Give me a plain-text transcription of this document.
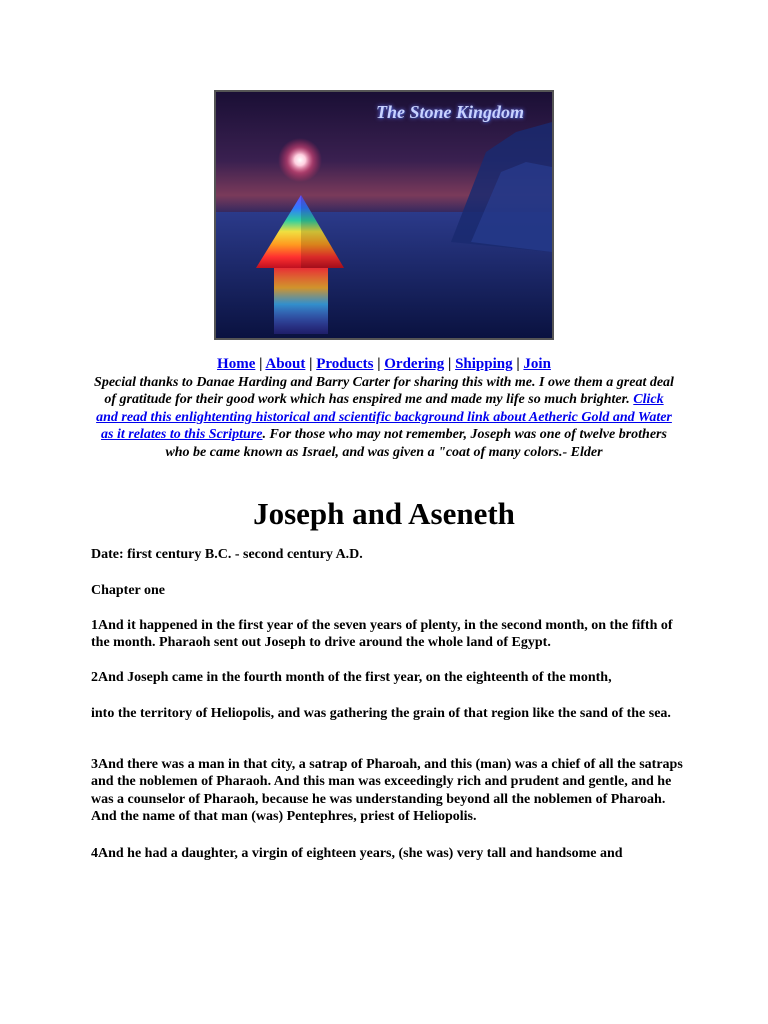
The Stone Kingdom
Home | About | Products | Ordering | Shipping | Join
Special thanks to Danae Harding and Barry Carter for sharing this with me. I owe them a great deal of gratitude for their good work which has enspired me and made my life so much brighter. Click and read this enlightenting historical and scientific background link about Aetheric Gold and Water as it relates to this Scripture. For those who may not remember, Joseph was one of twelve brothers who be came known as Israel, and was given a "coat of many colors.- Elder
Joseph and Aseneth

Date: first century B.C. - second century A.D.

Chapter one

1And it happened in the first year of the seven years of plenty, in the second month, on the fifth of the month. Pharaoh sent out Joseph to drive around the whole land of Egypt.

2And Joseph came in the fourth month of the first year, on the eighteenth of the month,

into the territory of Heliopolis, and was gathering the grain of that region like the sand of the sea.

3And there was a man in that city, a satrap of Pharoah, and this (man) was a chief of all the satraps and the noblemen of Pharaoh. And this man was exceedingly rich and prudent and gentle, and he was a counselor of Pharaoh, because he was understanding beyond all the noblemen of Pharoah. And the name of that man (was) Pentephres, priest of Heliopolis.

4And he had a daughter, a virgin of eighteen years, (she was) very tall and handsome and
